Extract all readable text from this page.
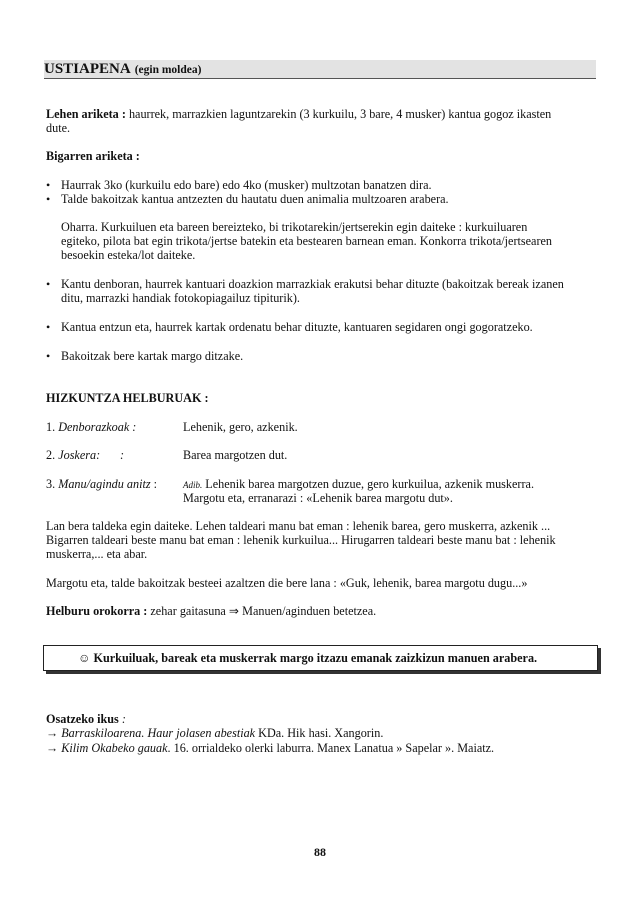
USTIAPENA (egin moldea)
Lehen ariketa : haurrek, marrazkien laguntzarekin (3 kurkuilu, 3 bare, 4 musker) kantua gogoz ikasten
dute.
Bigarren ariketa :
• Haurrak 3ko (kurkuilu edo bare) edo 4ko (musker) multzotan banatzen dira.
• Talde bakoitzak kantua antzezten du hautatu duen animalia multzoaren arabera.
Oharra. Kurkuiluen eta bareen bereizteko, bi trikotarekin/jertserekin egin daiteke : kurkuiluaren
egiteko, pilota bat egin trikota/jertse batekin eta bestearen barnean eman. Konkorra trikota/jertsearen
besoekin esteka/lot daiteke.
• Kantu denboran, haurrek kantuari doazkion marrazkiak erakutsi behar dituzte (bakoitzak bereak izanen
ditu, marrazki handiak fotokopiagailuz tipiturik).
• Kantua entzun eta, haurrek kartak ordenatu behar dituzte, kantuaren segidaren ongi gogoratzeko.
• Bakoitzak bere kartak margo ditzake.
HIZKUNTZA HELBURUAK :
1. Denborazkoak :	Lehenik, gero, azkenik.
2. Joskera: :	Barea margotzen dut.
3. Manu/agindu anitz :	Adib. Lehenik barea margotzen duzue, gero kurkuilua, azkenik muskerra.
Margotu eta, erranarazi : «Lehenik barea margotu dut».
Lan bera taldeka egin daiteke. Lehen taldeari manu bat eman : lehenik barea, gero muskerra, azkenik ...
Bigarren taldeari beste manu bat eman : lehenik kurkuilua... Hirugarren taldeari beste manu bat : lehenik
muskerra,... eta abar.
Margotu eta, talde bakoitzak besteei azaltzen die bere lana : «Guk, lehenik, barea margotu dugu...»
Helburu orokorra : zehar gaitasuna ⇒ Manuen/aginduen betetzea.
☺ Kurkuiluak, bareak eta muskerrak margo itzazu emanak zaizkizun manuen arabera.
Osatzeko ikus :
→ Barraskiloarena. Haur jolasen abestiak KDa. Hik hasi. Xangorin.
→ Kilim Okabeko gauak. 16. orrialdeko olerki laburra. Manex Lanatua » Sapelar ». Maiatz.
88
